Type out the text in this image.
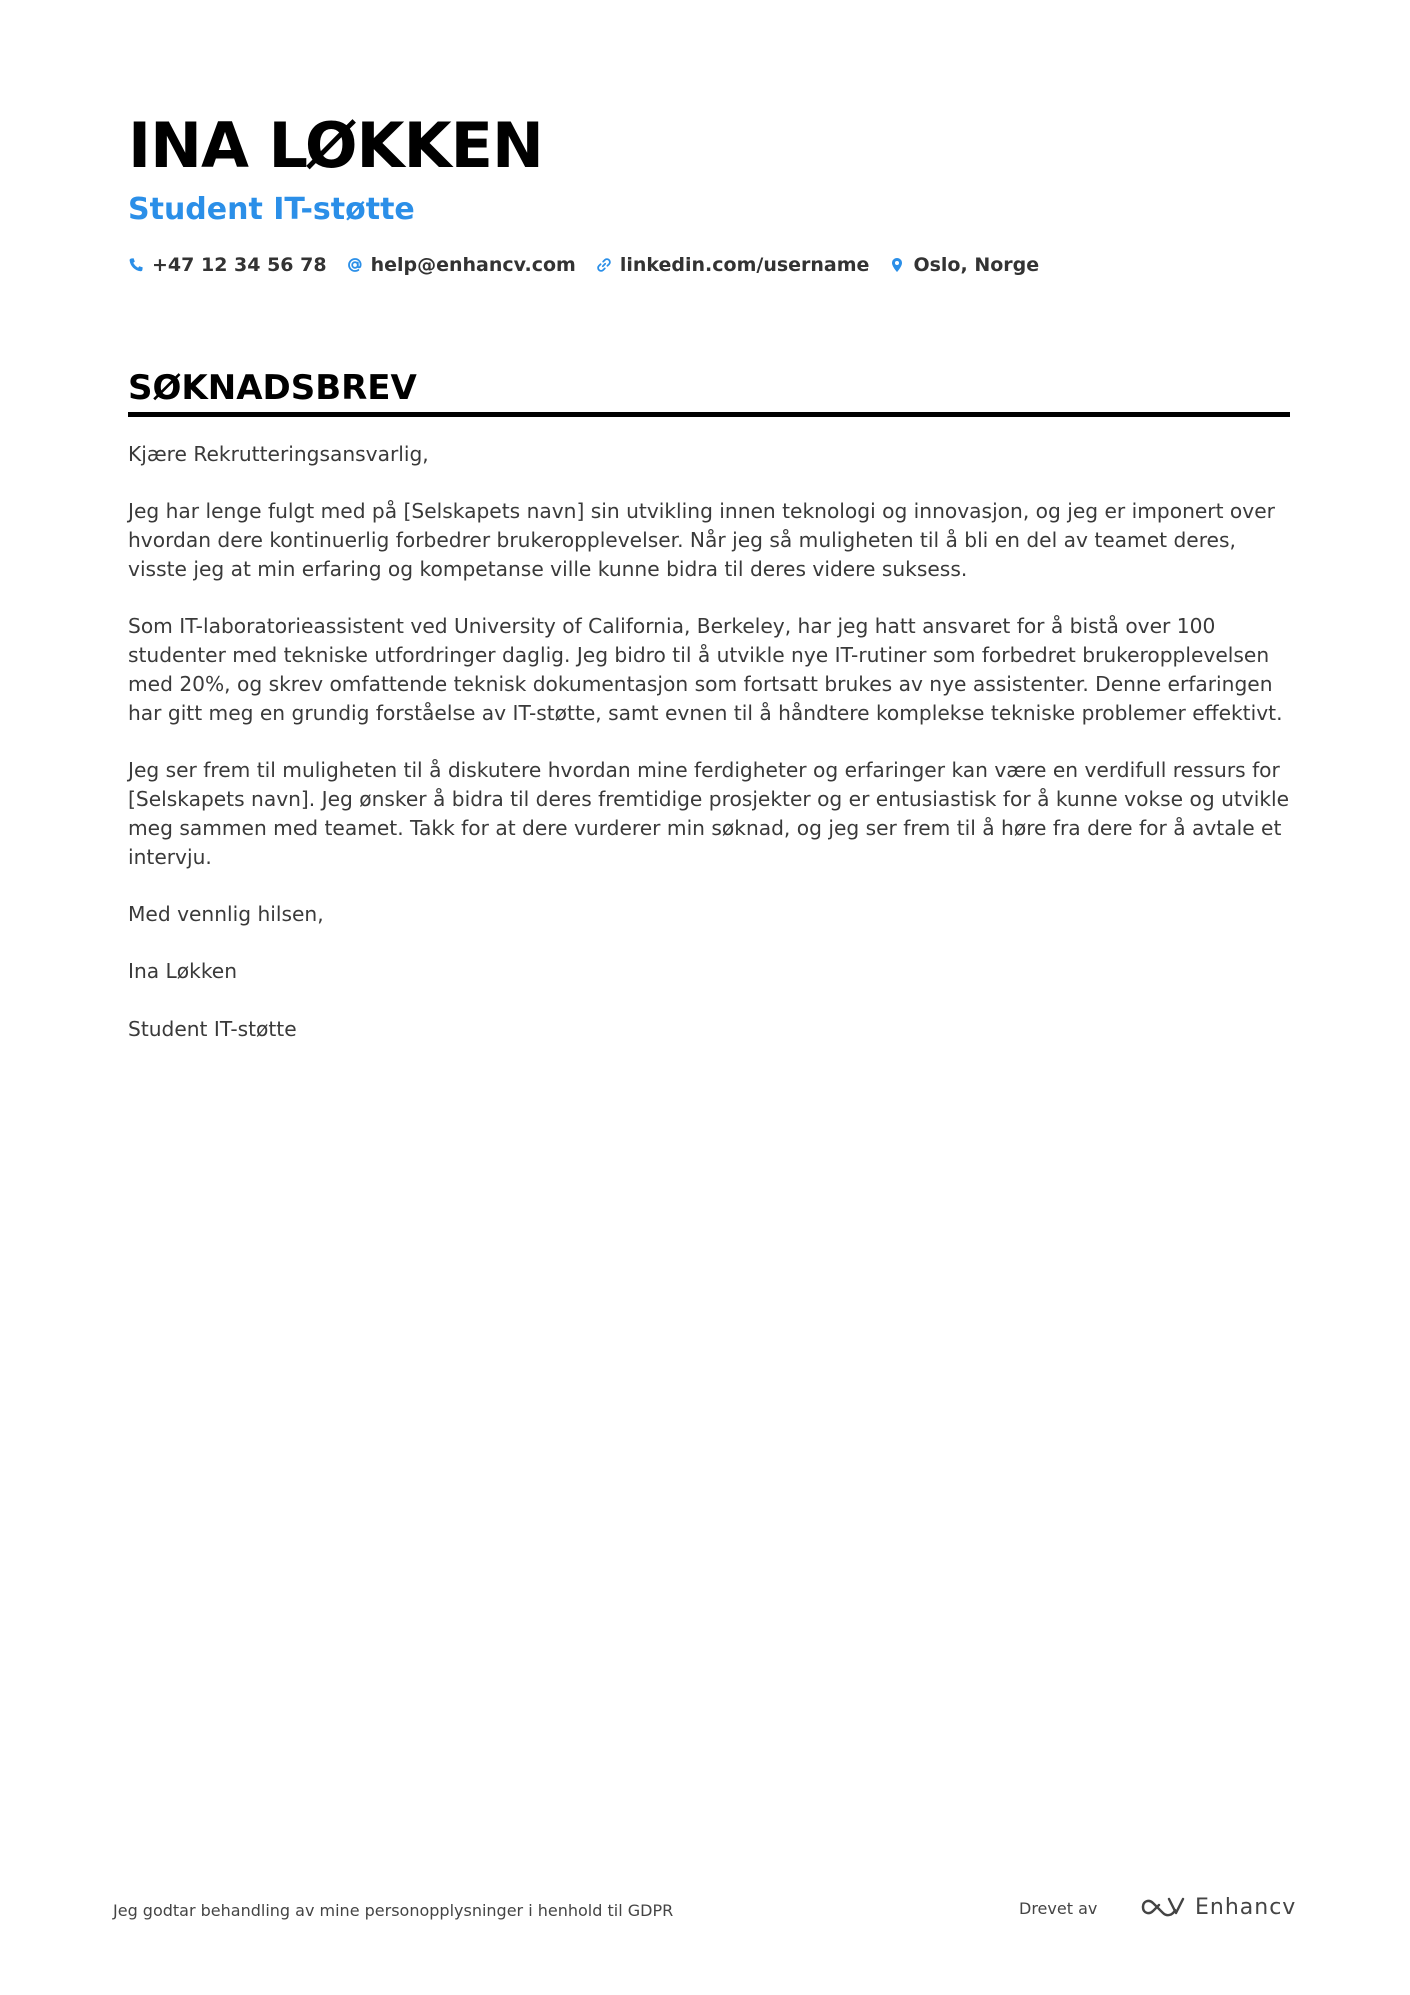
INA LØKKEN
Student IT-støtte
+47 12 34 56 78 help@enhancv.com linkedin.com/username Oslo, Norge
SØKNADSBREV

Kjære Rekrutteringsansvarlig,

Jeg har lenge fulgt med på [Selskapets navn] sin utvikling innen teknologi og innovasjon, og jeg er imponert over hvordan dere kontinuerlig forbedrer brukeropplevelser. Når jeg så muligheten til å bli en del av teamet deres, visste jeg at min erfaring og kompetanse ville kunne bidra til deres videre suksess.

Som IT-laboratorieassistent ved University of California, Berkeley, har jeg hatt ansvaret for å bistå over 100 studenter med tekniske utfordringer daglig. Jeg bidro til å utvikle nye IT-rutiner som forbedret brukeropplevelsen med 20%, og skrev omfattende teknisk dokumentasjon som fortsatt brukes av nye assistenter. Denne erfaringen har gitt meg en grundig forståelse av IT-støtte, samt evnen til å håndtere komplekse tekniske problemer effektivt.

Jeg ser frem til muligheten til å diskutere hvordan mine ferdigheter og erfaringer kan være en verdifull ressurs for [Selskapets navn]. Jeg ønsker å bidra til deres fremtidige prosjekter og er entusiastisk for å kunne vokse og utvikle meg sammen med teamet. Takk for at dere vurderer min søknad, og jeg ser frem til å høre fra dere for å avtale et intervju.

Med vennlig hilsen,

Ina Løkken

Student IT-støtte

Jeg godtar behandling av mine personopplysninger i henhold til GDPR	Drevet av	Enhancv
